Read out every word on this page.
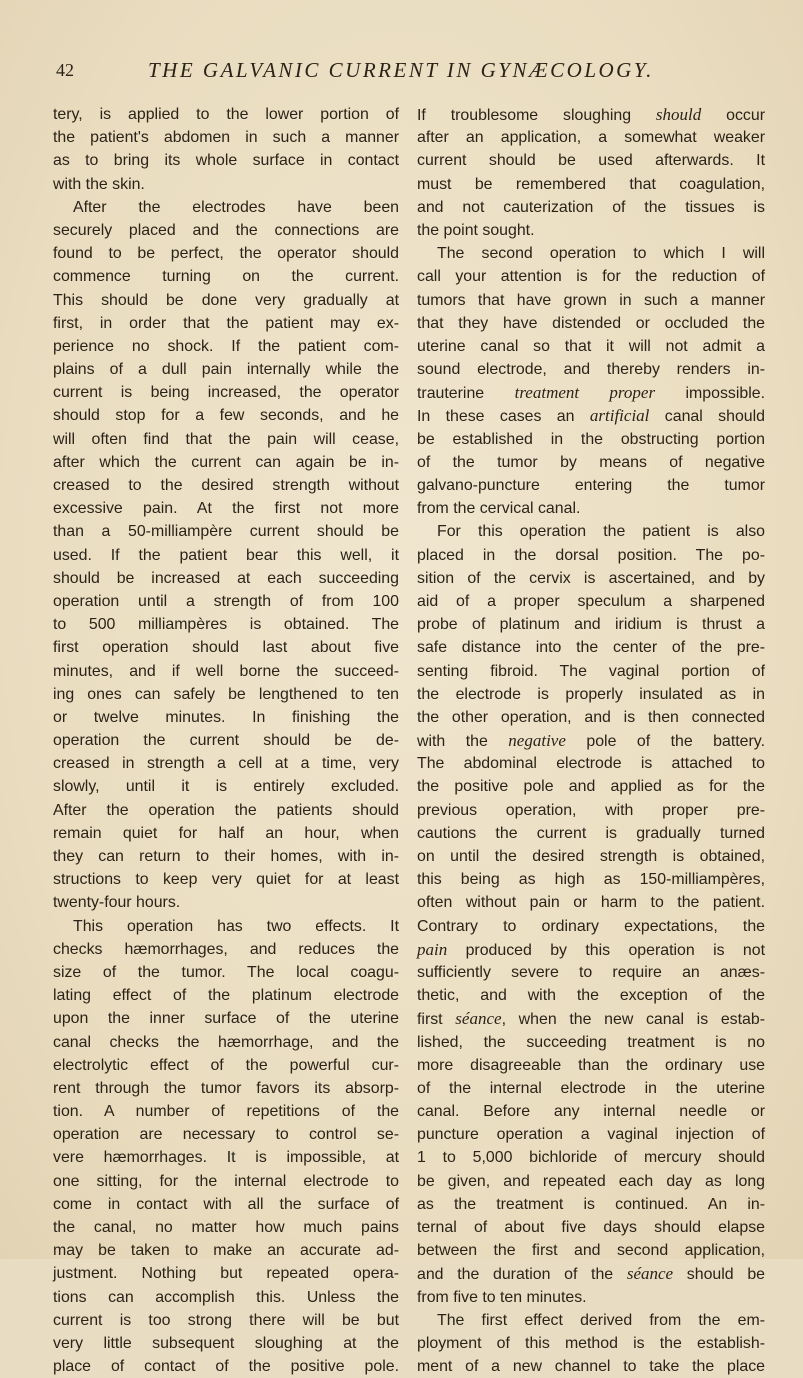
42	THE GALVANIC CURRENT IN GYNÆCOLOGY.
tery, is applied to the lower portion of
the patient's abdomen in such a manner
as to bring its whole surface in contact
with the skin.
After the electrodes have been
securely placed and the connections are
found to be perfect, the operator should
commence turning on the current.
This should be done very gradually at
first, in order that the patient may ex-
perience no shock. If the patient com-
plains of a dull pain internally while the
current is being increased, the operator
should stop for a few seconds, and he
will often find that the pain will cease,
after which the current can again be in-
creased to the desired strength without
excessive pain. At the first not more
than a 50-milliampère current should be
used. If the patient bear this well, it
should be increased at each succeeding
operation until a strength of from 100
to 500 milliampères is obtained. The
first operation should last about five
minutes, and if well borne the succeed-
ing ones can safely be lengthened to ten
or twelve minutes. In finishing the
operation the current should be de-
creased in strength a cell at a time, very
slowly, until it is entirely excluded.
After the operation the patients should
remain quiet for half an hour, when
they can return to their homes, with in-
structions to keep very quiet for at least
twenty-four hours.
This operation has two effects. It
checks hæmorrhages, and reduces the
size of the tumor. The local coagu-
lating effect of the platinum electrode
upon the inner surface of the uterine
canal checks the hæmorrhage, and the
electrolytic effect of the powerful cur-
rent through the tumor favors its absorp-
tion. A number of repetitions of the
operation are necessary to control se-
vere hæmorrhages. It is impossible, at
one sitting, for the internal electrode to
come in contact with all the surface of
the canal, no matter how much pains
may be taken to make an accurate ad-
justment. Nothing but repeated opera-
tions can accomplish this. Unless the
current is too strong there will be but
very little subsequent sloughing at the
place of contact of the positive pole.
If troublesome sloughing should occur
after an application, a somewhat weaker
current should be used afterwards. It
must be remembered that coagulation,
and not cauterization of the tissues is
the point sought.
The second operation to which I will
call your attention is for the reduction of
tumors that have grown in such a manner
that they have distended or occluded the
uterine canal so that it will not admit a
sound electrode, and thereby renders in-
trauterine treatment proper impossible.
In these cases an artificial canal should
be established in the obstructing portion
of the tumor by means of negative
galvano-puncture entering the tumor
from the cervical canal.
For this operation the patient is also
placed in the dorsal position. The po-
sition of the cervix is ascertained, and by
aid of a proper speculum a sharpened
probe of platinum and iridium is thrust a
safe distance into the center of the pre-
senting fibroid. The vaginal portion of
the electrode is properly insulated as in
the other operation, and is then connected
with the negative pole of the battery.
The abdominal electrode is attached to
the positive pole and applied as for the
previous operation, with proper pre-
cautions the current is gradually turned
on until the desired strength is obtained,
this being as high as 150-milliampères,
often without pain or harm to the patient.
Contrary to ordinary expectations, the
pain produced by this operation is not
sufficiently severe to require an anæs-
thetic, and with the exception of the
first séance, when the new canal is estab-
lished, the succeeding treatment is no
more disagreeable than the ordinary use
of the internal electrode in the uterine
canal. Before any internal needle or
puncture operation a vaginal injection of
1 to 5,000 bichloride of mercury should
be given, and repeated each day as long
as the treatment is continued. An in-
ternal of about five days should elapse
between the first and second application,
and the duration of the séance should be
from five to ten minutes.
The first effect derived from the em-
ployment of this method is the establish-
ment of a new channel to take the place
